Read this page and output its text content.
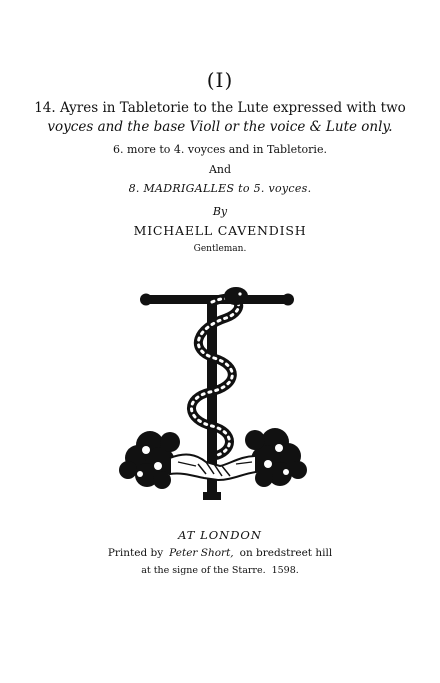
(I)
14. Ayres in Tabletorie to the Lute expressed with two
voyces and the base Violl or the voice & Lute only.
6. more to 4. voyces and in Tabletorie.
And
8. MADRIGALLES to 5. voyces.
By
MICHAELL CAVENDISH
Gentleman.
AT LONDON
Printed by Peter Short, on bredstreet hill
at the signe of the Starre. 1598.
